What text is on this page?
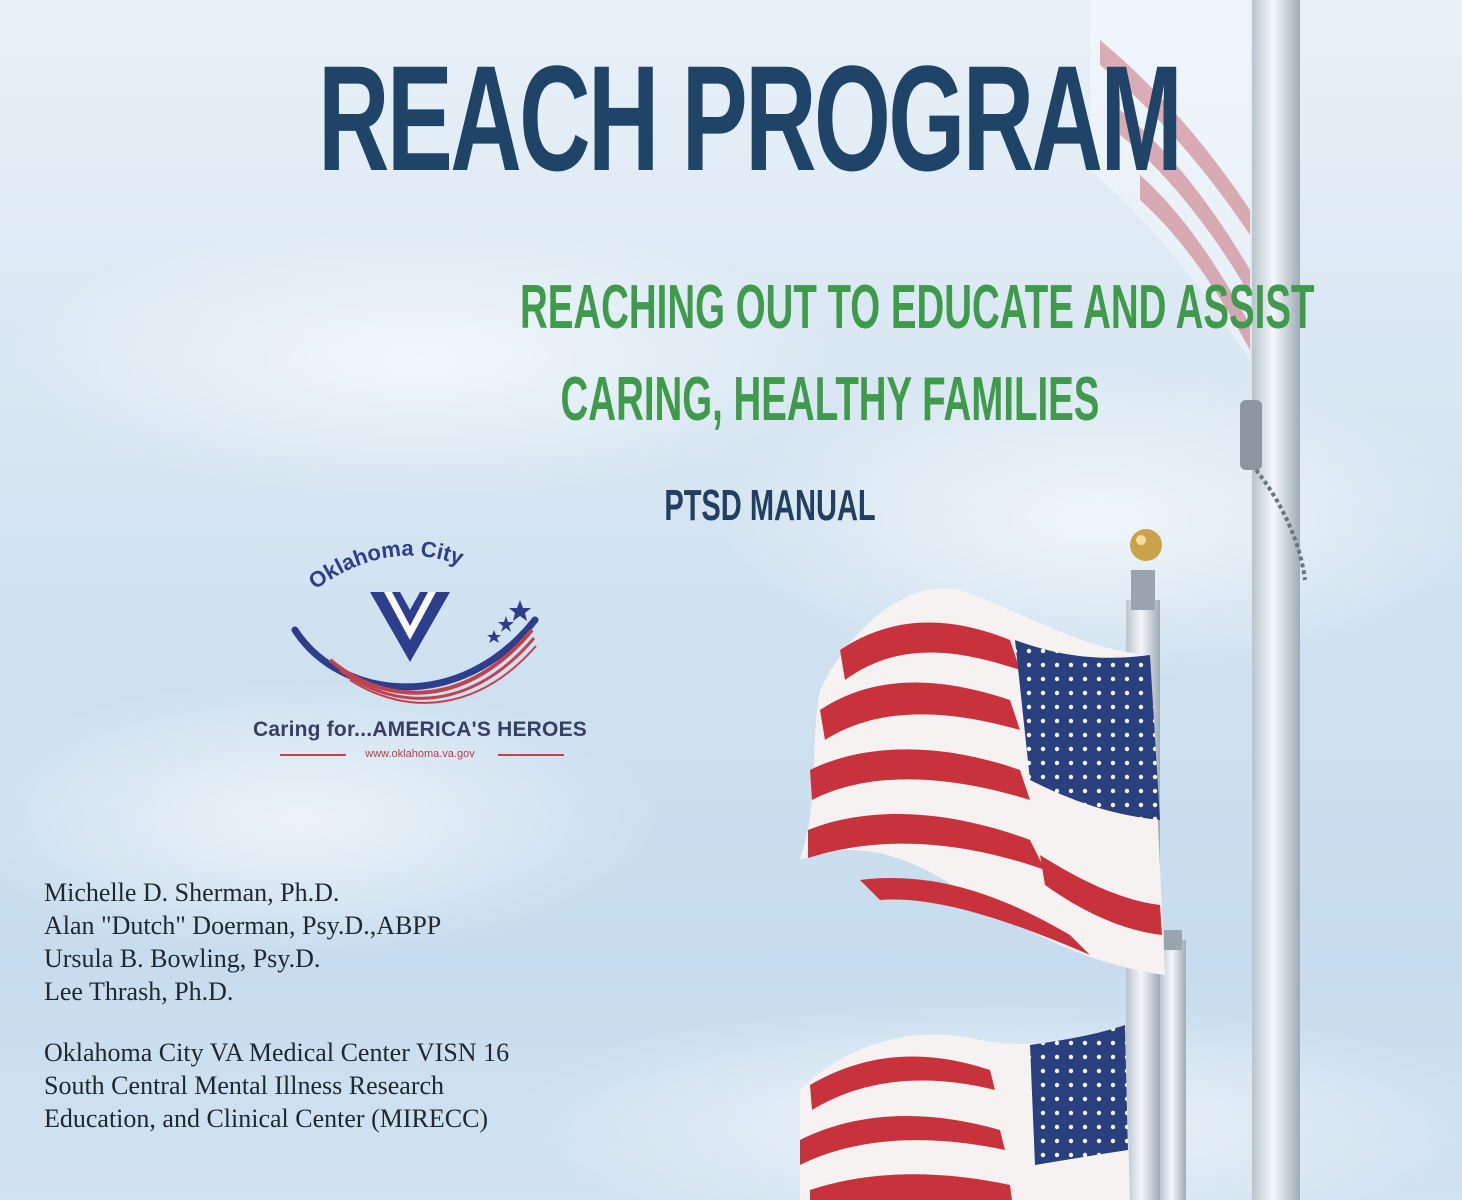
REACH PROGRAM
REACHING OUT TO EDUCATE AND ASSIST
CARING, HEALTHY FAMILIES
PTSD MANUAL
Oklahoma City
Caring for...AMERICA'S HEROES
www.oklahoma.va.gov
Michelle D. Sherman, Ph.D.
Alan "Dutch" Doerman, Psy.D.,ABPP
Ursula B. Bowling, Psy.D.
Lee Thrash, Ph.D.
Oklahoma City VA Medical Center VISN 16
South Central Mental Illness Research
Education, and Clinical Center (MIRECC)
